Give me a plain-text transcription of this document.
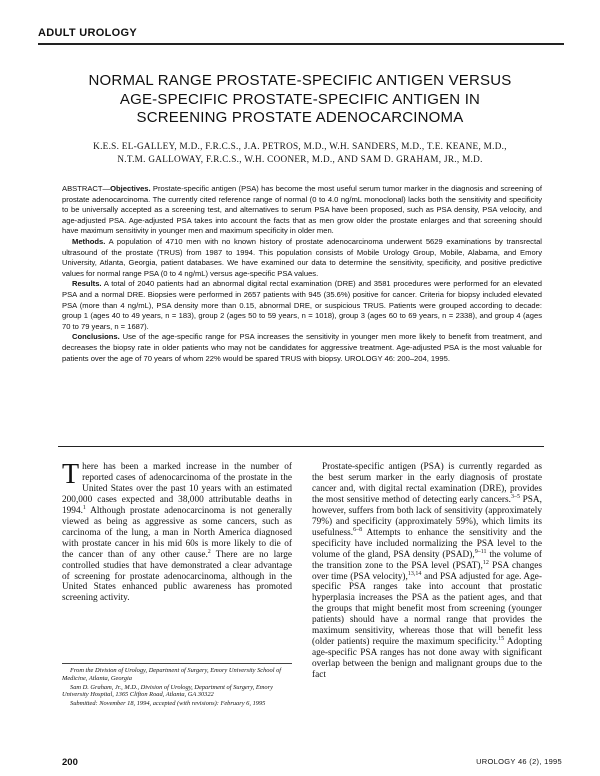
ADULT UROLOGY
NORMAL RANGE PROSTATE-SPECIFIC ANTIGEN VERSUS
AGE-SPECIFIC PROSTATE-SPECIFIC ANTIGEN IN
SCREENING PROSTATE ADENOCARCINOMA
K.E.S. EL-GALLEY, M.D., F.R.C.S., J.A. PETROS, M.D., W.H. SANDERS, M.D., T.E. KEANE, M.D.,
N.T.M. GALLOWAY, F.R.C.S., W.H. COONER, M.D., AND SAM D. GRAHAM, JR., M.D.

ABSTRACT—Objectives. Prostate-specific antigen (PSA) has become the most useful serum tumor marker in the diagnosis and screening of prostate adenocarcinoma. The currently cited reference range of normal (0 to 4.0 ng/mL monoclonal) lacks both the sensitivity and specificity to be universally accepted as a screening test, and alternatives to serum PSA have been proposed, such as PSA density, PSA velocity, and age-adjusted PSA. Age-adjusted PSA takes into account the facts that as men grow older the prostate enlarges and that screening should have maximum sensitivity in younger men and maximum specificity in older men.

Methods. A population of 4710 men with no known history of prostate adenocarcinoma underwent 5629 examinations by transrectal ultrasound of the prostate (TRUS) from 1987 to 1994. This population consists of Mobile Urology Group, Mobile, Alabama, and Emory University, Atlanta, Georgia, patient databases. We have examined our data to determine the sensitivity, specificity, and positive predictive values for normal range PSA (0 to 4 ng/mL) versus age-specific PSA values.

Results. A total of 2040 patients had an abnormal digital rectal examination (DRE) and 3581 procedures were performed for an elevated PSA and a normal DRE. Biopsies were performed in 2657 patients with 945 (35.6%) positive for cancer. Criteria for biopsy included elevated PSA (more than 4 ng/mL), PSA density more than 0.15, abnormal DRE, or suspicious TRUS. Patients were grouped according to decade: group 1 (ages 40 to 49 years, n = 183), group 2 (ages 50 to 59 years, n = 1018), group 3 (ages 60 to 69 years, n = 2338), and group 4 (ages 70 to 79 years, n = 1687).

Conclusions. Use of the age-specific range for PSA increases the sensitivity in younger men more likely to benefit from treatment, and decreases the biopsy rate in older patients who may not be candidates for aggressive treatment. Age-adjusted PSA is the most valuable for patients over the age of 70 years of whom 22% would be spared TRUS with biopsy. UROLOGY 46: 200–204, 1995.

There has been a marked increase in the number of reported cases of adenocarcinoma of the prostate in the United States over the past 10 years with an estimated 200,000 cases expected and 38,000 attributable deaths in 1994.$^1$ Although prostate adenocarcinoma is not generally viewed as being as aggressive as some cancers, such as carcinoma of the lung, a man in North America diagnosed with prostate cancer in his mid 60s is more likely to die of the cancer than of any other cause.$^2$ There are no large controlled studies that have demonstrated a clear advantage of screening for prostate adenocarcinoma, although in the United States enhanced public awareness has promoted screening activity.

Prostate-specific antigen (PSA) is currently regarded as the best serum marker in the early diagnosis of prostate cancer and, with digital rectal examination (DRE), provides the most sensitive method of detecting early cancers.$^{3-5}$ PSA, however, suffers from both lack of sensitivity (approximately 79%) and specificity (approximately 59%), which limits its usefulness.$^{6-8}$ Attempts to enhance the sensitivity and the specificity have included normalizing the PSA level to the volume of the gland, PSA density (PSAD),$^{9-11}$ the volume of the transition zone to the PSA level (PSAT),$^{12}$ PSA changes over time (PSA velocity),$^{13,14}$ and PSA adjusted for age. Age-specific PSA ranges take into account that prostatic hyperplasia increases the PSA as the patient ages, and that the groups that might benefit most from screening (younger patients) should have a normal range that provides the maximum sensitivity, whereas those that will benefit less (older patients) require the maximum specificity.$^{15}$ Adopting age-specific PSA ranges has not done away with significant overlap between the benign and malignant groups due to the fact

From the Division of Urology, Department of Surgery, Emory University School of Medicine, Atlanta, Georgia

Sam D. Graham, Jr., M.D., Division of Urology, Department of Surgery, Emory University Hospital, 1365 Clifton Road, Atlanta, GA 30322

Submitted: November 18, 1994, accepted (with revisions): February 6, 1995

200	UROLOGY 46 (2), 1995
